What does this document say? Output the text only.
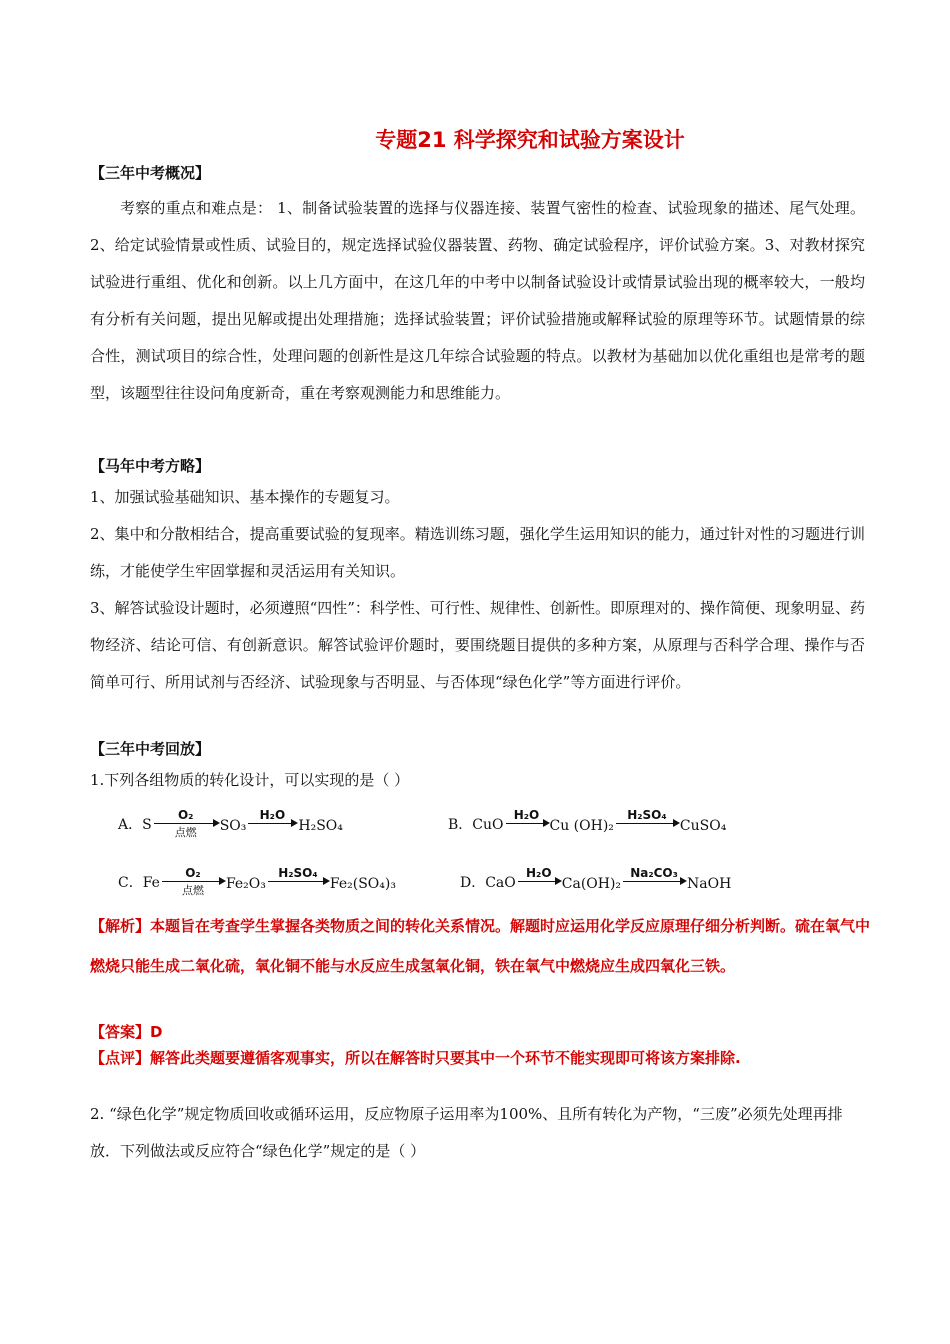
专题21 科学探究和试验方案设计
【三年中考概况】
考察的重点和难点是： 1、制备试验装置的选择与仪器连接、装置气密性的检查、试验现象的描述、尾气处理。2、给定试验情景或性质、试验目的，规定选择试验仪器装置、药物、确定试验程序，评价试验方案。3、对教材探究试验进行重组、优化和创新。以上几方面中，在这几年的中考中以制备试验设计或情景试验出现的概率较大，一般均有分析有关问题，提出见解或提出处理措施；选择试验装置；评价试验措施或解释试验的原理等环节。试题情景的综合性，测试项目的综合性，处理问题的创新性是这几年综合试验题的特点。以教材为基础加以优化重组也是常考的题型，该题型往往设问角度新奇，重在考察观测能力和思维能力。
【马年中考方略】
1、加强试验基础知识、基本操作的专题复习。
2、集中和分散相结合，提高重要试验的复现率。精选训练习题，强化学生运用知识的能力，通过针对性的习题进行训练，才能使学生牢固掌握和灵活运用有关知识。
3、解答试验设计题时，必须遵照“四性”：科学性、可行性、规律性、创新性。即原理对的、操作简便、现象明显、药物经济、结论可信、有创新意识。解答试验评价题时，要围绕题目提供的多种方案，从原理与否科学合理、操作与否简单可行、所用试剂与否经济、试验现象与否明显、与否体现“绿色化学”等方面进行评价。
【三年中考回放】
1.下列各组物质的转化设计，可以实现的是（ ）
A．S
O₂
点燃	SO₃
H₂O
H₂SO₄	B．CuO
H₂O
Cu (OH)₂
H₂SO₄
CuSO₄
C．Fe
O₂
点燃	Fe₂O₃
H₂SO₄
Fe₂(SO₄)₃	D．CaO
H₂O
Ca(OH)₂
Na₂CO₃
NaOH
【解析】本题旨在考查学生掌握各类物质之间的转化关系情况。解题时应运用化学反应原理仔细分析判断。硫在氧气中燃烧只能生成二氧化硫，氧化铜不能与水反应生成氢氧化铜，铁在氧气中燃烧应生成四氧化三铁。
【答案】D
【点评】解答此类题要遵循客观事实，所以在解答时只要其中一个环节不能实现即可将该方案排除.
2. “绿色化学”规定物质回收或循环运用，反应物原子运用率为100%、且所有转化为产物，“三废”必须先处理再排放．下列做法或反应符合“绿色化学”规定的是（ ）
